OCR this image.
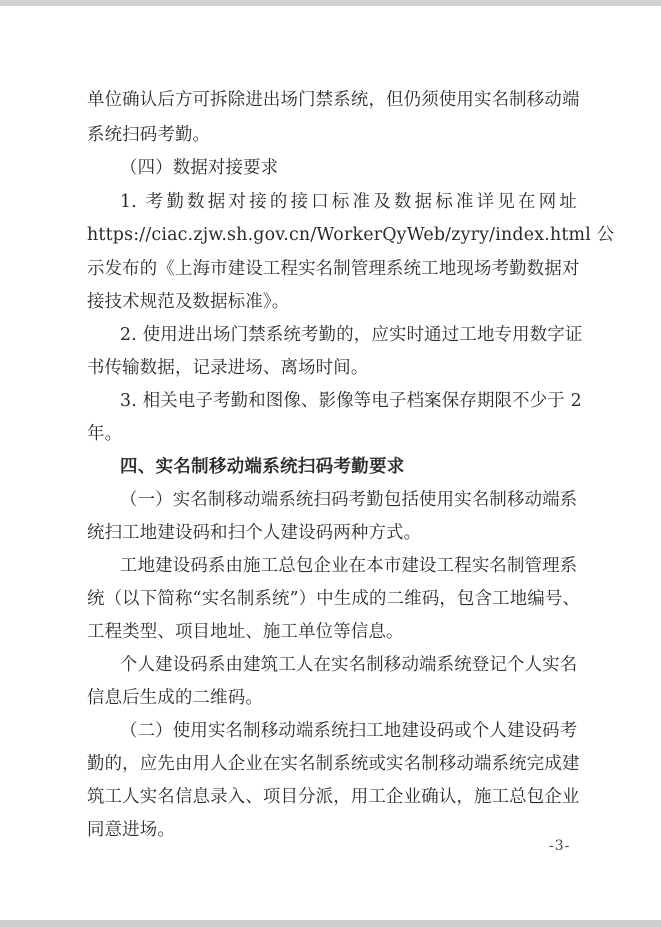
单位确认后方可拆除进出场门禁系统，但仍须使用实名制移动端
系统扫码考勤。
（四）数据对接要求
1. 考勤数据对接的接口标准及数据标准详见在网址
https://ciac.zjw.sh.gov.cn/WorkerQyWeb/zyry/index.html 公
示发布的《上海市建设工程实名制管理系统工地现场考勤数据对
接技术规范及数据标准》。
2. 使用进出场门禁系统考勤的，应实时通过工地专用数字证
书传输数据，记录进场、离场时间。
3. 相关电子考勤和图像、影像等电子档案保存期限不少于 2
年。
四、实名制移动端系统扫码考勤要求
（一）实名制移动端系统扫码考勤包括使用实名制移动端系
统扫工地建设码和扫个人建设码两种方式。
工地建设码系由施工总包企业在本市建设工程实名制管理系
统（以下简称“实名制系统”）中生成的二维码，包含工地编号、
工程类型、项目地址、施工单位等信息。
个人建设码系由建筑工人在实名制移动端系统登记个人实名
信息后生成的二维码。
（二）使用实名制移动端系统扫工地建设码或个人建设码考
勤的，应先由用人企业在实名制系统或实名制移动端系统完成建
筑工人实名信息录入、项目分派，用工企业确认，施工总包企业
同意进场。
-3-
